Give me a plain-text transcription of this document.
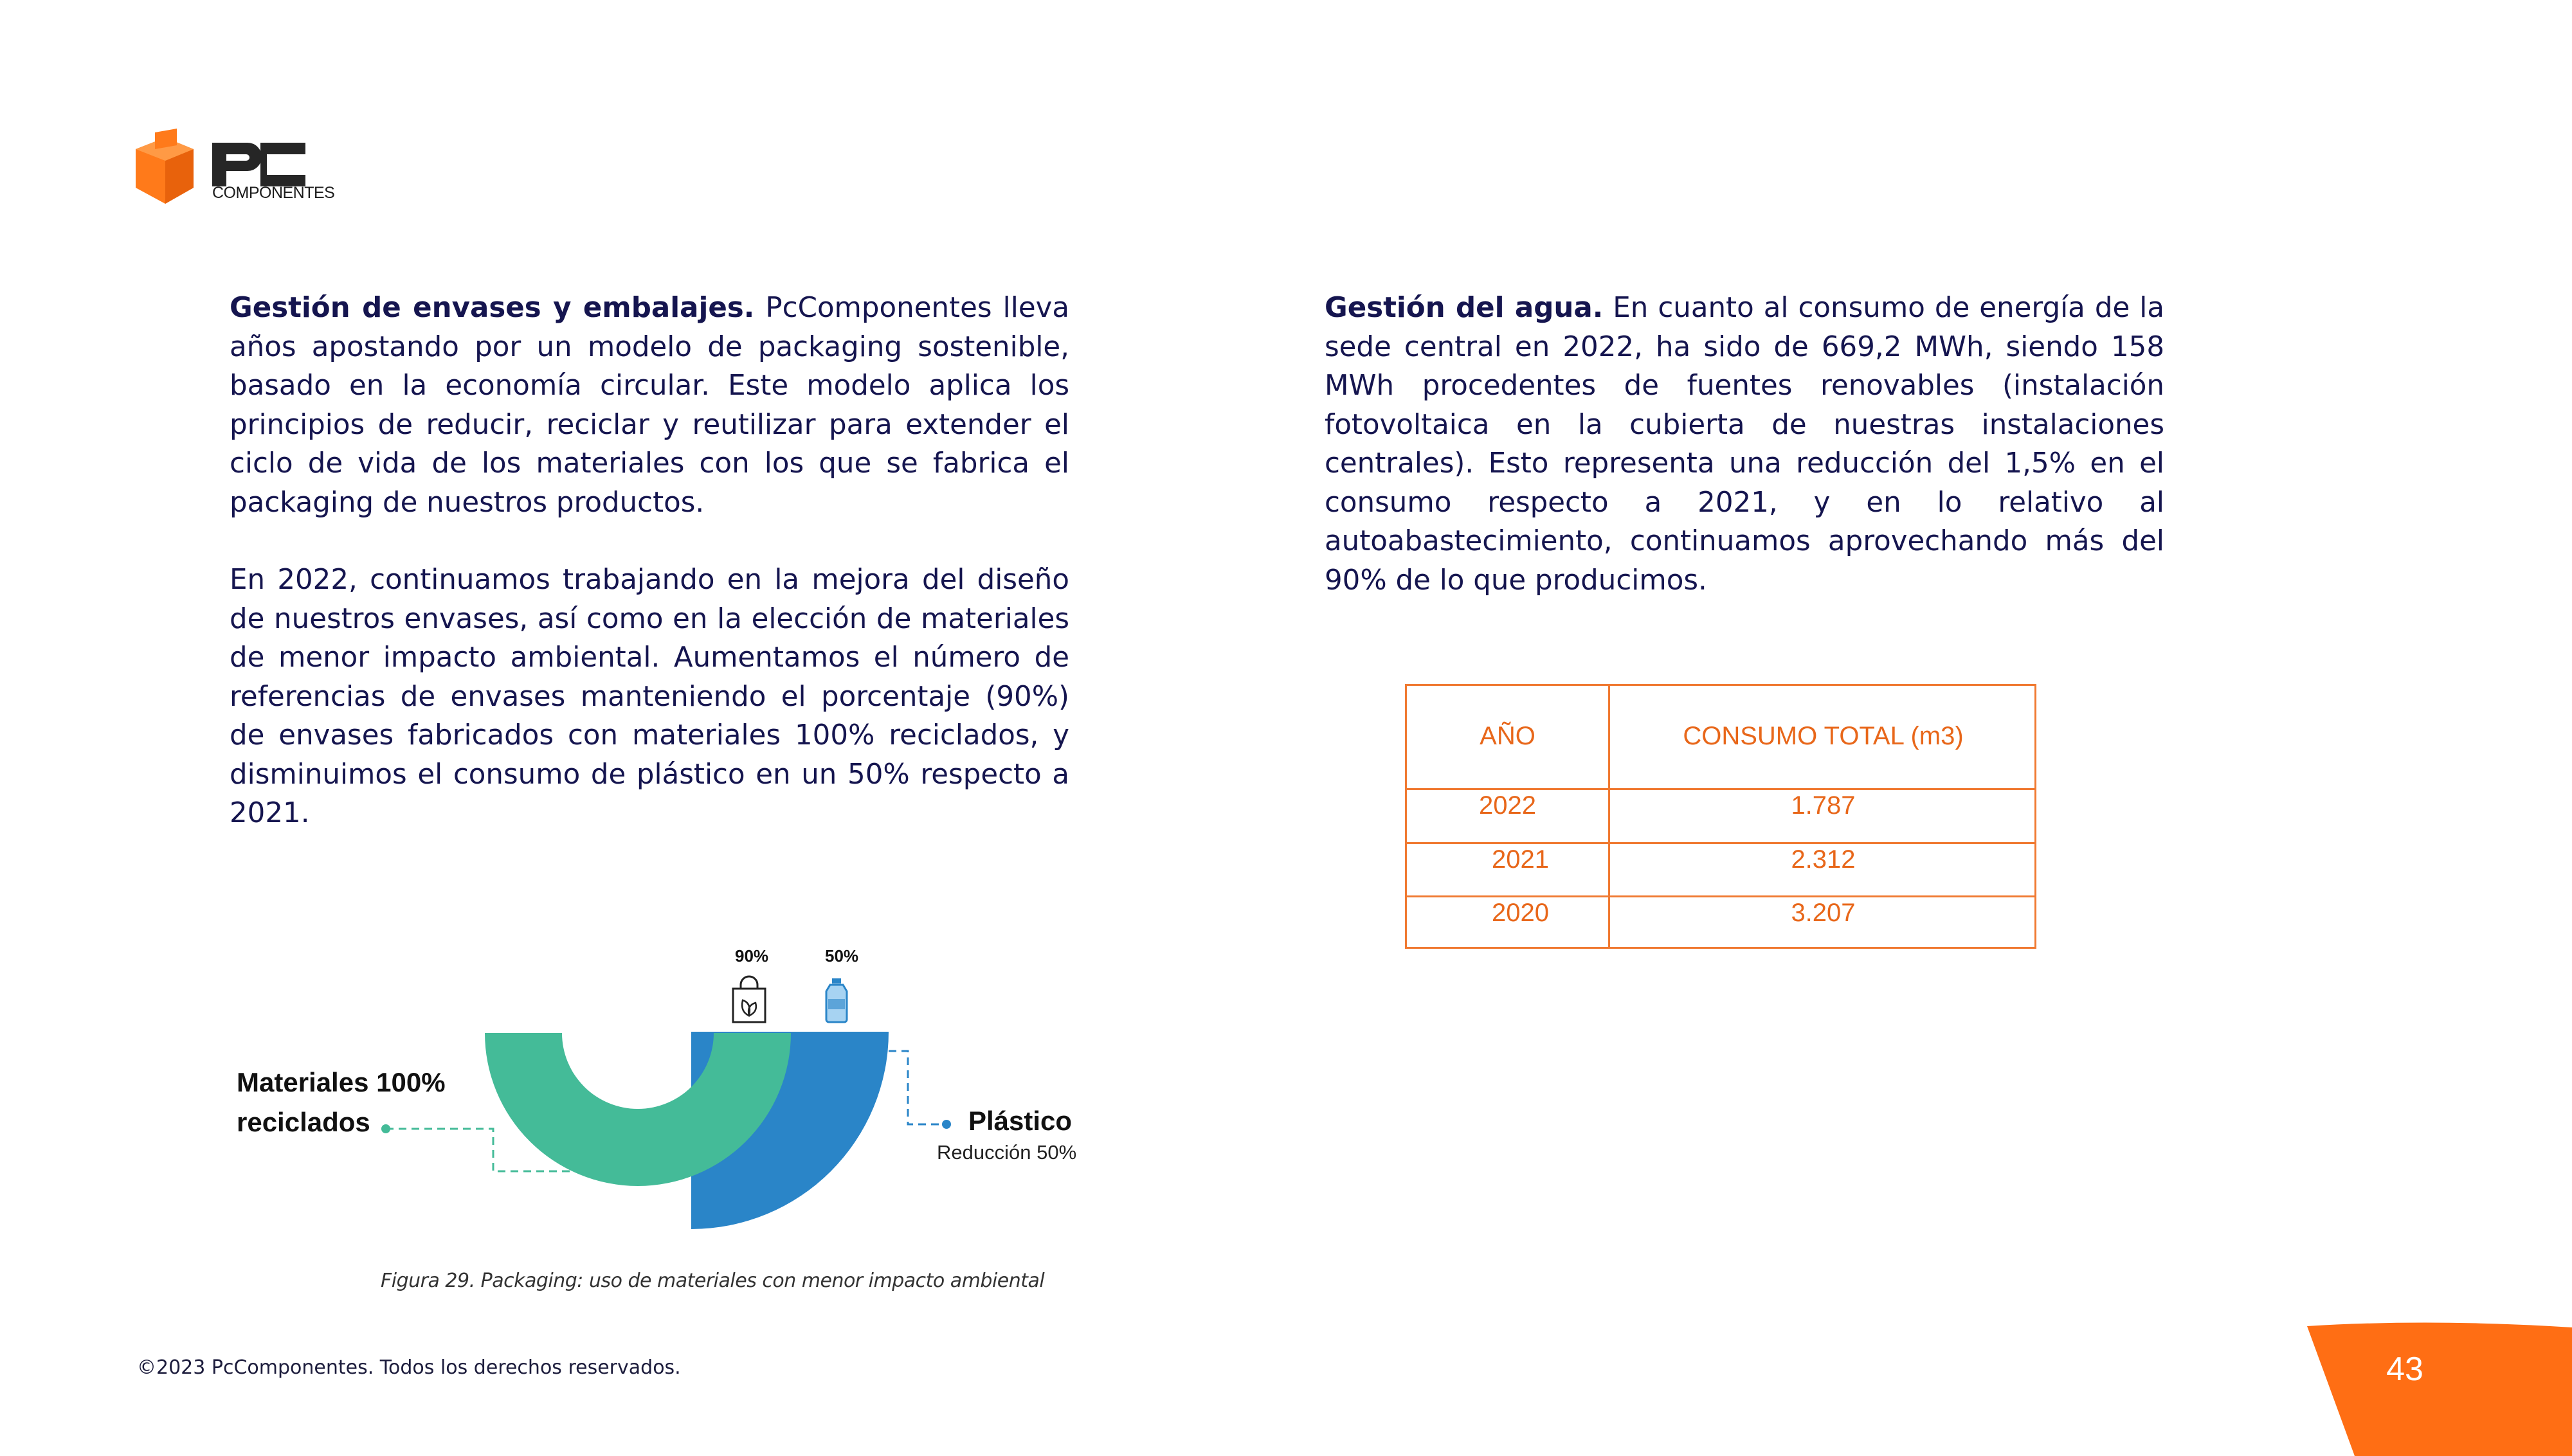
COMPONENTES

Gestión de envases y embalajes. PcComponentes lleva años apostando por un modelo de packaging sostenible, basado en la economía circular. Este modelo aplica los principios de reducir, reciclar y reutilizar para extender el ciclo de vida de los materiales con los que se fabrica el packaging de nuestros productos.

En 2022, continuamos trabajando en la mejora del diseño de nuestros envases, así como en la elección de materiales de menor impacto ambiental. Aumentamos el número de referencias de envases manteniendo el porcentaje (90%) de envases fabricados con materiales 100% reciclados, y disminuimos el consumo de plástico en un 50% respecto a 2021.

Gestión del agua. En cuanto al consumo de energía de la sede central en 2022, ha sido de 669,2 MWh, siendo 158 MWh procedentes de fuentes renovables (instalación fotovoltaica en la cubierta de nuestras instalaciones centrales). Esto representa una reducción del 1,5% en el consumo respecto a 2021, y en lo relativo al autoabastecimiento, continuamos aprovechando más del 90% de lo que producimos.

AÑO	CONSUMO TOTAL (m3)
2022	1.787
2021	2.312
2020	3.207
90%	50%
Materiales 100%
reciclados	Plástico
Reducción 50%
Figura 29. Packaging: uso de materiales con menor impacto ambiental
©2023 PcComponentes. Todos los derechos reservados.	43
